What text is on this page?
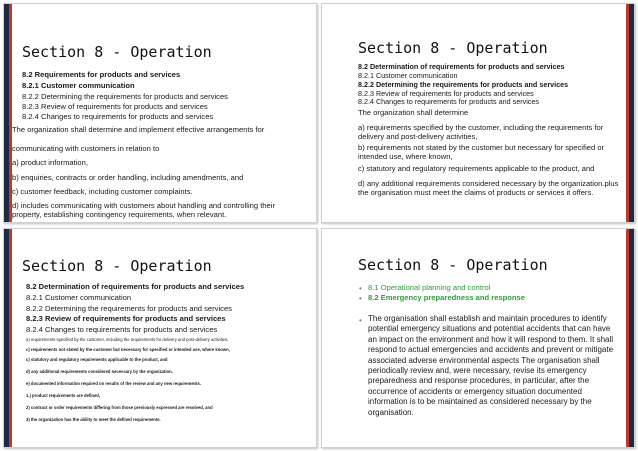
Section 8 - Operation
8.2 Requirements for products and services
8.2.1 Customer communication
8.2.2 Determining the requirements for products and services
8.2.3 Review of requirements for products and services
8.2.4 Changes to requirements for products and services
The organization shall determine and implement effective arrangements for
communicating with customers in relation to
a) product information,
b) enquiries, contracts or order handling, including amendments, and
c) customer feedback, including customer complaints.
d) includes communicating with customers about handling and controlling their property, establishing contingency requirements, when relevant.
Section 8 - Operation
8.2 Determination of requirements for products and services
8.2.1 Customer communication
8.2.2 Determining the requirements for products and services
8.2.3 Review of requirements for products and services
8.2.4 Changes to requirements for products and services
The organization shall determine
a) requirements specified by the customer, including the requirements for delivery and post-delivery activities,
b) requirements not stated by the customer but necessary for specified or intended use, where known,
c) statutory and regulatory requirements applicable to the product, and
d) any additional requirements considered necessary by the organization.plus the organisation must meet the claims of products or services it offers.
Section 8 - Operation
8.2 Determination of requirements for products and services
8.2.1 Customer communication
8.2.2 Determining the requirements for products and services
8.2.3 Review of requirements for products and services
8.2.4 Changes to requirements for products and services
a) requirements specified by the customer, including the requirements for delivery and post-delivery activities,
c) requirements not stated by the customer but necessary for specified or intended use, where known,
c) statutory and regulatory requirements applicable to the product, and
d) any additional requirements considered necessary by the organization.
e) documented information required on results of the review and any new requirements.
1.) product requirements are defined,
2) contract or order requirements differing from those previously expressed are resolved, and
3) the organization has the ability to meet the defined requirements.
Section 8 - Operation
• 8.1 Operational planning and control
• 8.2 Emergency preparedness and response
• The organisation shall establish and maintain procedures to identify potential emergency situations and potential accidents that can have an impact on the environment and how it will respond to them. It shall respond to actual emergencies and accidents and prevent or mitigate associated adverse environmental aspects The organisation shall periodically review and, were necessary, revise its emergency preparedness and response procedures, in particular, after the occurrence of accidents or emergency situation documented information is to be maintained as considered necessary by the organisation.
